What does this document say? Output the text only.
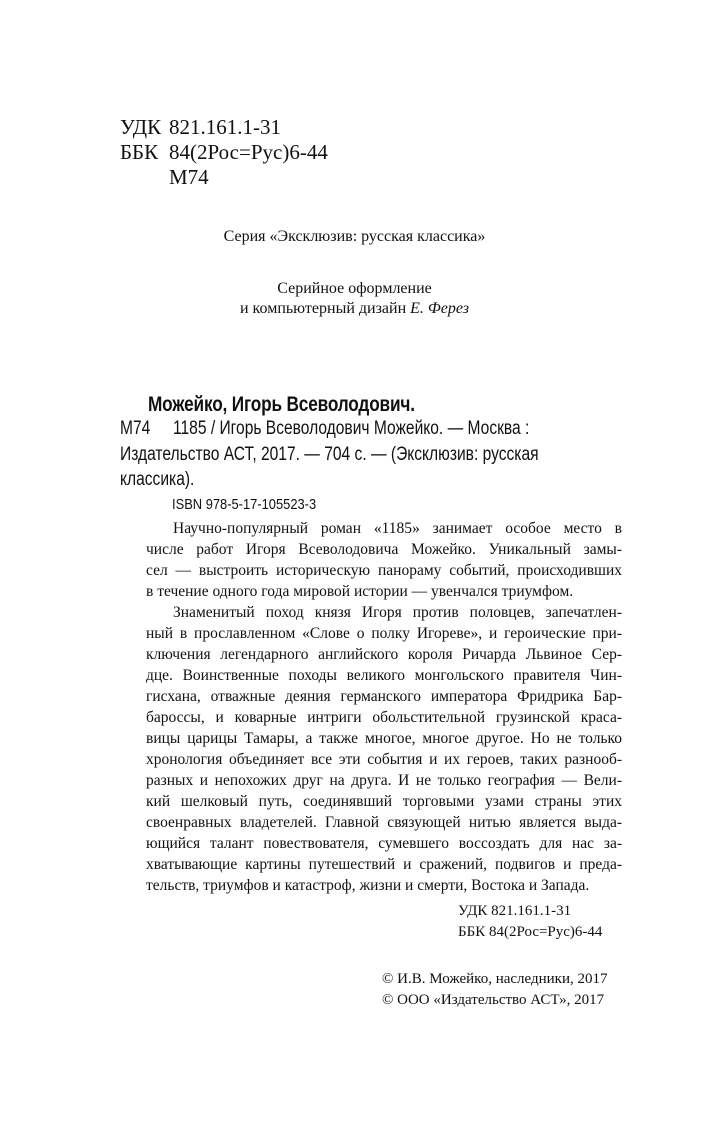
УДК 821.161.1-31
ББК 84(2Рос=Рус)6-44
М74
Серия «Эксклюзив: русская классика»
Серийное оформление
и компьютерный дизайн Е. Ферез
Можейко, Игорь Всеволодович.
М74 1185 / Игорь Всеволодович Можейко. — Москва :
Издательство АСТ, 2017. — 704 с. — (Эксклюзив: русская
классика).
ISBN 978-5-17-105523-3
Научно-популярный роман «1185» занимает особое место в
числе работ Игоря Всеволодовича Можейко. Уникальный замы-
сел — выстроить историческую панораму событий, происходивших
в течение одного года мировой истории — увенчался триумфом.
Знаменитый поход князя Игоря против половцев, запечатлен-
ный в прославленном «Слове о полку Игореве», и героические при-
ключения легендарного английского короля Ричарда Львиное Сер-
дце. Воинственные походы великого монгольского правителя Чин-
гисхана, отважные деяния германского императора Фридрика Бар-
бароссы, и коварные интриги обольстительной грузинской краса-
вицы царицы Тамары, а также многое, многое другое. Но не только
хронология объединяет все эти события и их героев, таких разнооб-
разных и непохожих друг на друга. И не только география — Вели-
кий шелковый путь, соединявший торговыми узами страны этих
своенравных владетелей. Главной связующей нитью является выда-
ющийся талант повествователя, сумевшего воссоздать для нас за-
хватывающие картины путешествий и сражений, подвигов и преда-
тельств, триумфов и катастроф, жизни и смерти, Востока и Запада.
УДК 821.161.1-31
ББК 84(2Рос=Рус)6-44
© И.В. Можейко, наследники, 2017
© ООО «Издательство АСТ», 2017
